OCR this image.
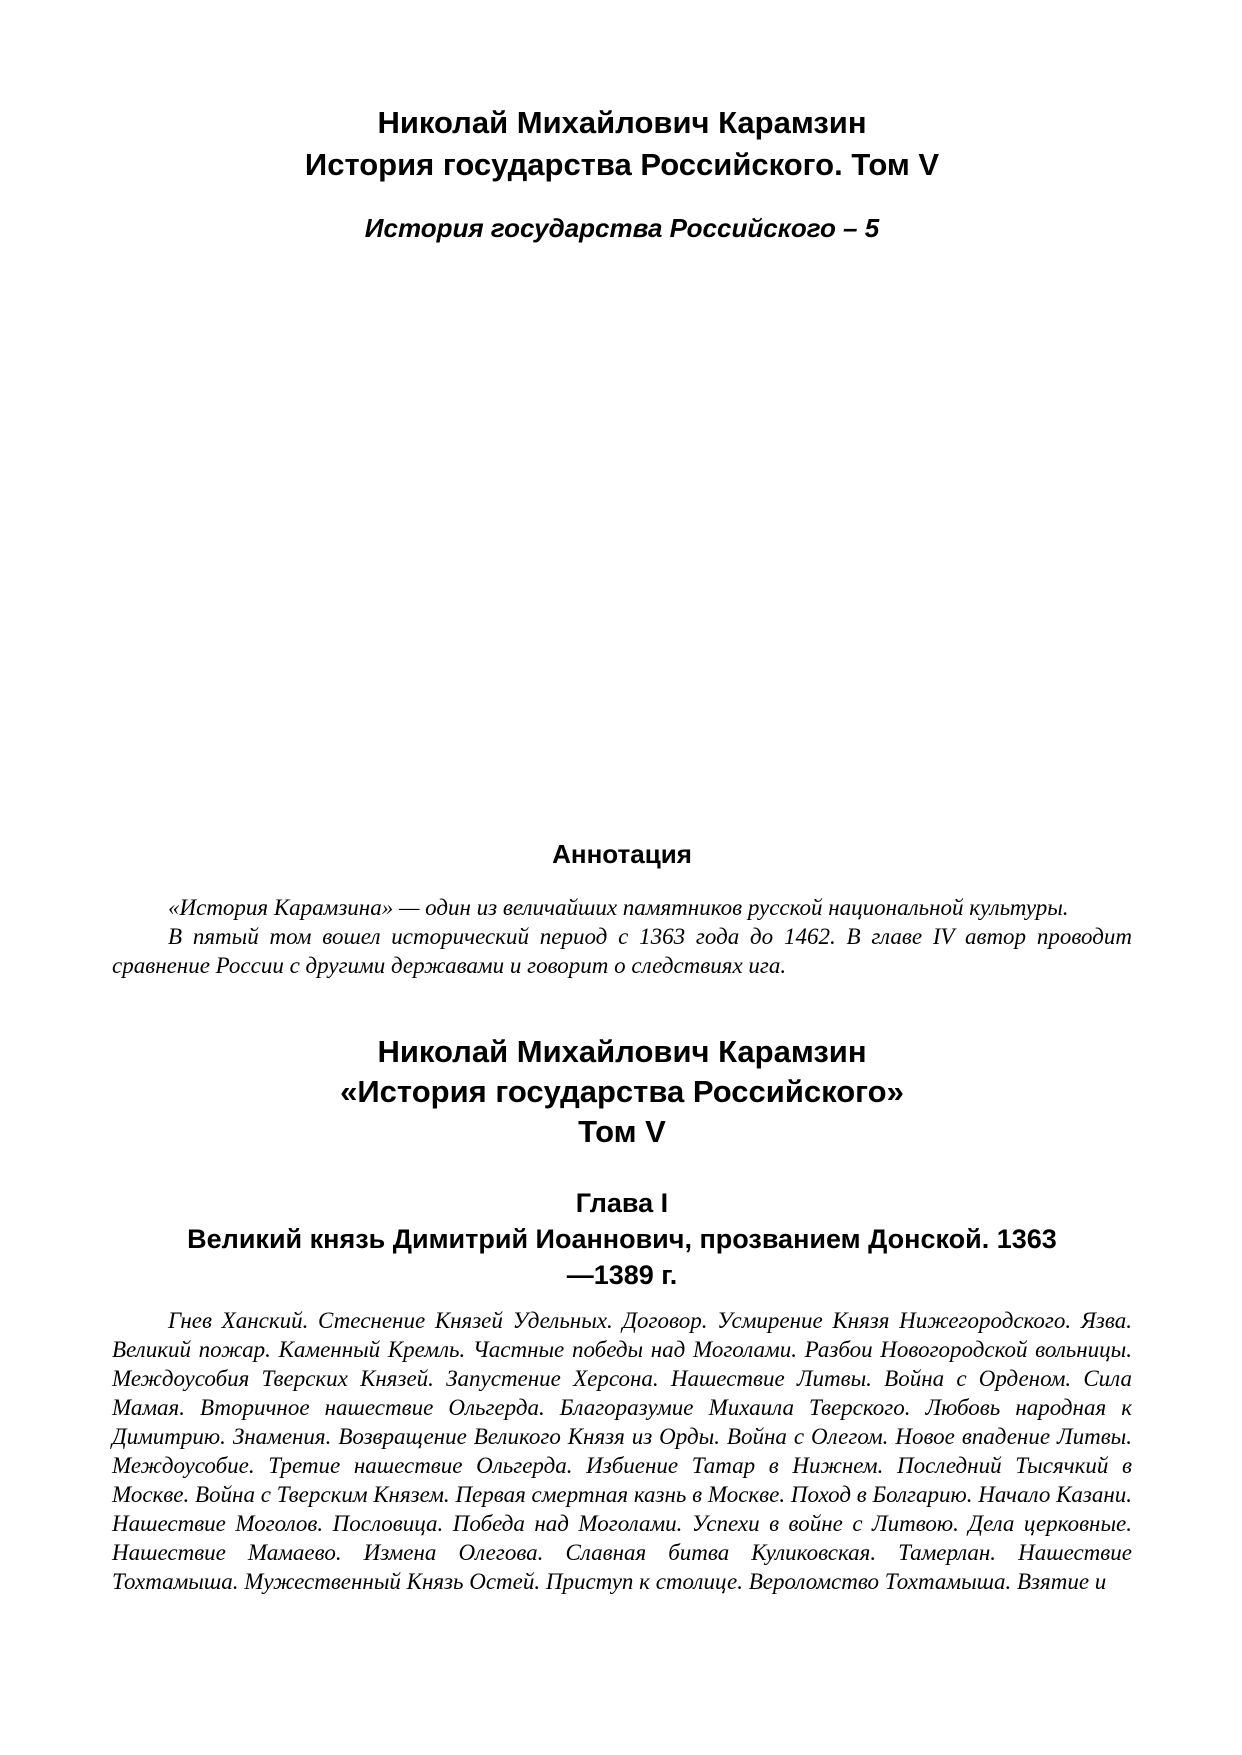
Николай Михайлович Карамзин
История государства Российского. Том V
История государства Российского – 5
Аннотация

«История Карамзина» — один из величайших памятников русской национальной культуры.

В пятый том вошел исторический период с 1363 года до 1462. В главе IV автор проводит сравнение России с другими державами и говорит о следствиях ига.

Николай Михайлович Карамзин
«История государства Российского»
Том V
Глава I
Великий князь Димитрий Иоаннович, прозванием Донской. 1363
—1389 г.

Гнев Ханский. Стеснение Князей Удельных. Договор. Усмирение Князя Нижегородского. Язва. Великий пожар. Каменный Кремль. Частные победы над Моголами. Разбои Новогородской вольницы. Междоусобия Тверских Князей. Запустение Херсона. Нашествие Литвы. Война с Орденом. Сила Мамая. Вторичное нашествие Ольгерда. Благоразумие Михаила Тверского. Любовь народная к Димитрию. Знамения. Возвращение Великого Князя из Орды. Война с Олегом. Новое впадение Литвы. Междоусобие. Третие нашествие Ольгерда. Избиение Татар в Нижнем. Последний Тысячкий в Москве. Война с Тверским Князем. Первая смертная казнь в Москве. Поход в Болгарию. Начало Казани. Нашествие Моголов. Пословица. Победа над Моголами. Успехи в войне с Литвою. Дела церковные. Нашествие Мамаево. Измена Олегова. Славная битва Куликовская. Тамерлан. Нашествие Тохтамыша. Мужественный Князь Остей. Приступ к столице. Вероломство Тохтамыша. Взятие и
